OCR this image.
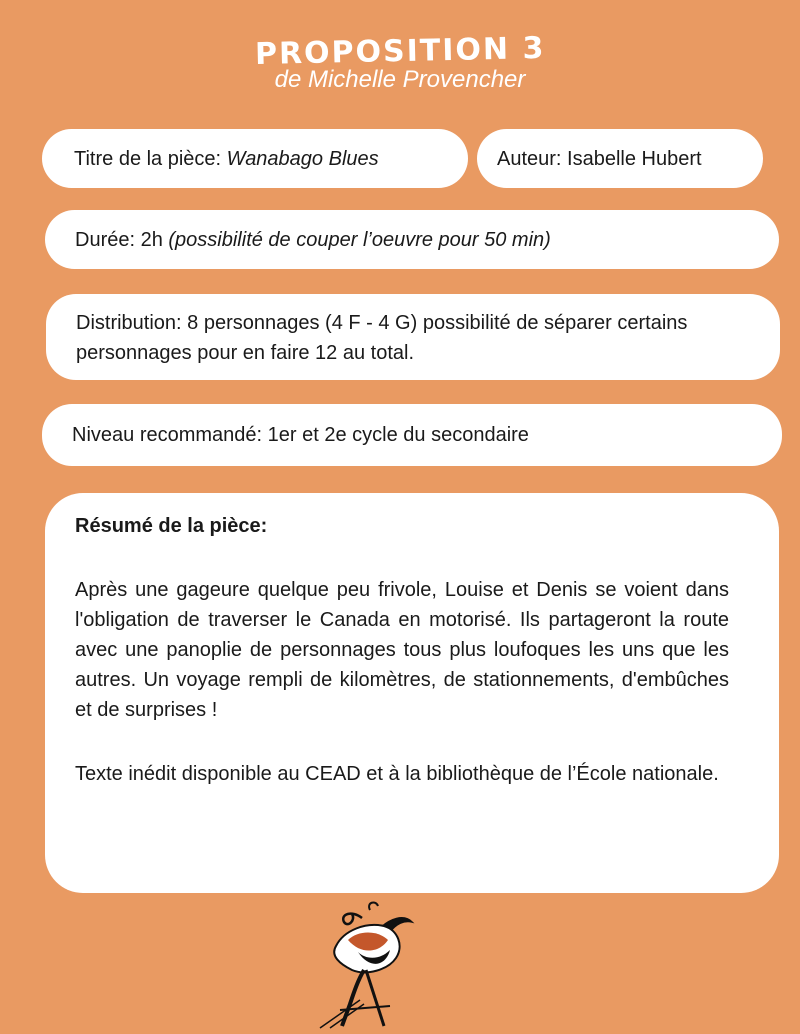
PROPOSITION 3
de Michelle Provencher
Titre de la pièce: Wanabago Blues	Auteur: Isabelle Hubert
Durée: 2h (possibilité de couper l’oeuvre pour 50 min)
Distribution: 8 personnages (4 F - 4 G) possibilité de séparer certains personnages pour en faire 12 au total.
Niveau recommandé: 1er et 2e cycle du secondaire
Résumé de la pièce:

Après une gageure quelque peu frivole, Louise et Denis se voient dans l'obligation de traverser le Canada en motorisé. Ils partageront la route avec une panoplie de personnages tous plus loufoques les uns que les autres. Un voyage rempli de kilomètres, de stationnements, d'embûches et de surprises !

Texte inédit disponible au CEAD et à la bibliothèque de l’École nationale.
